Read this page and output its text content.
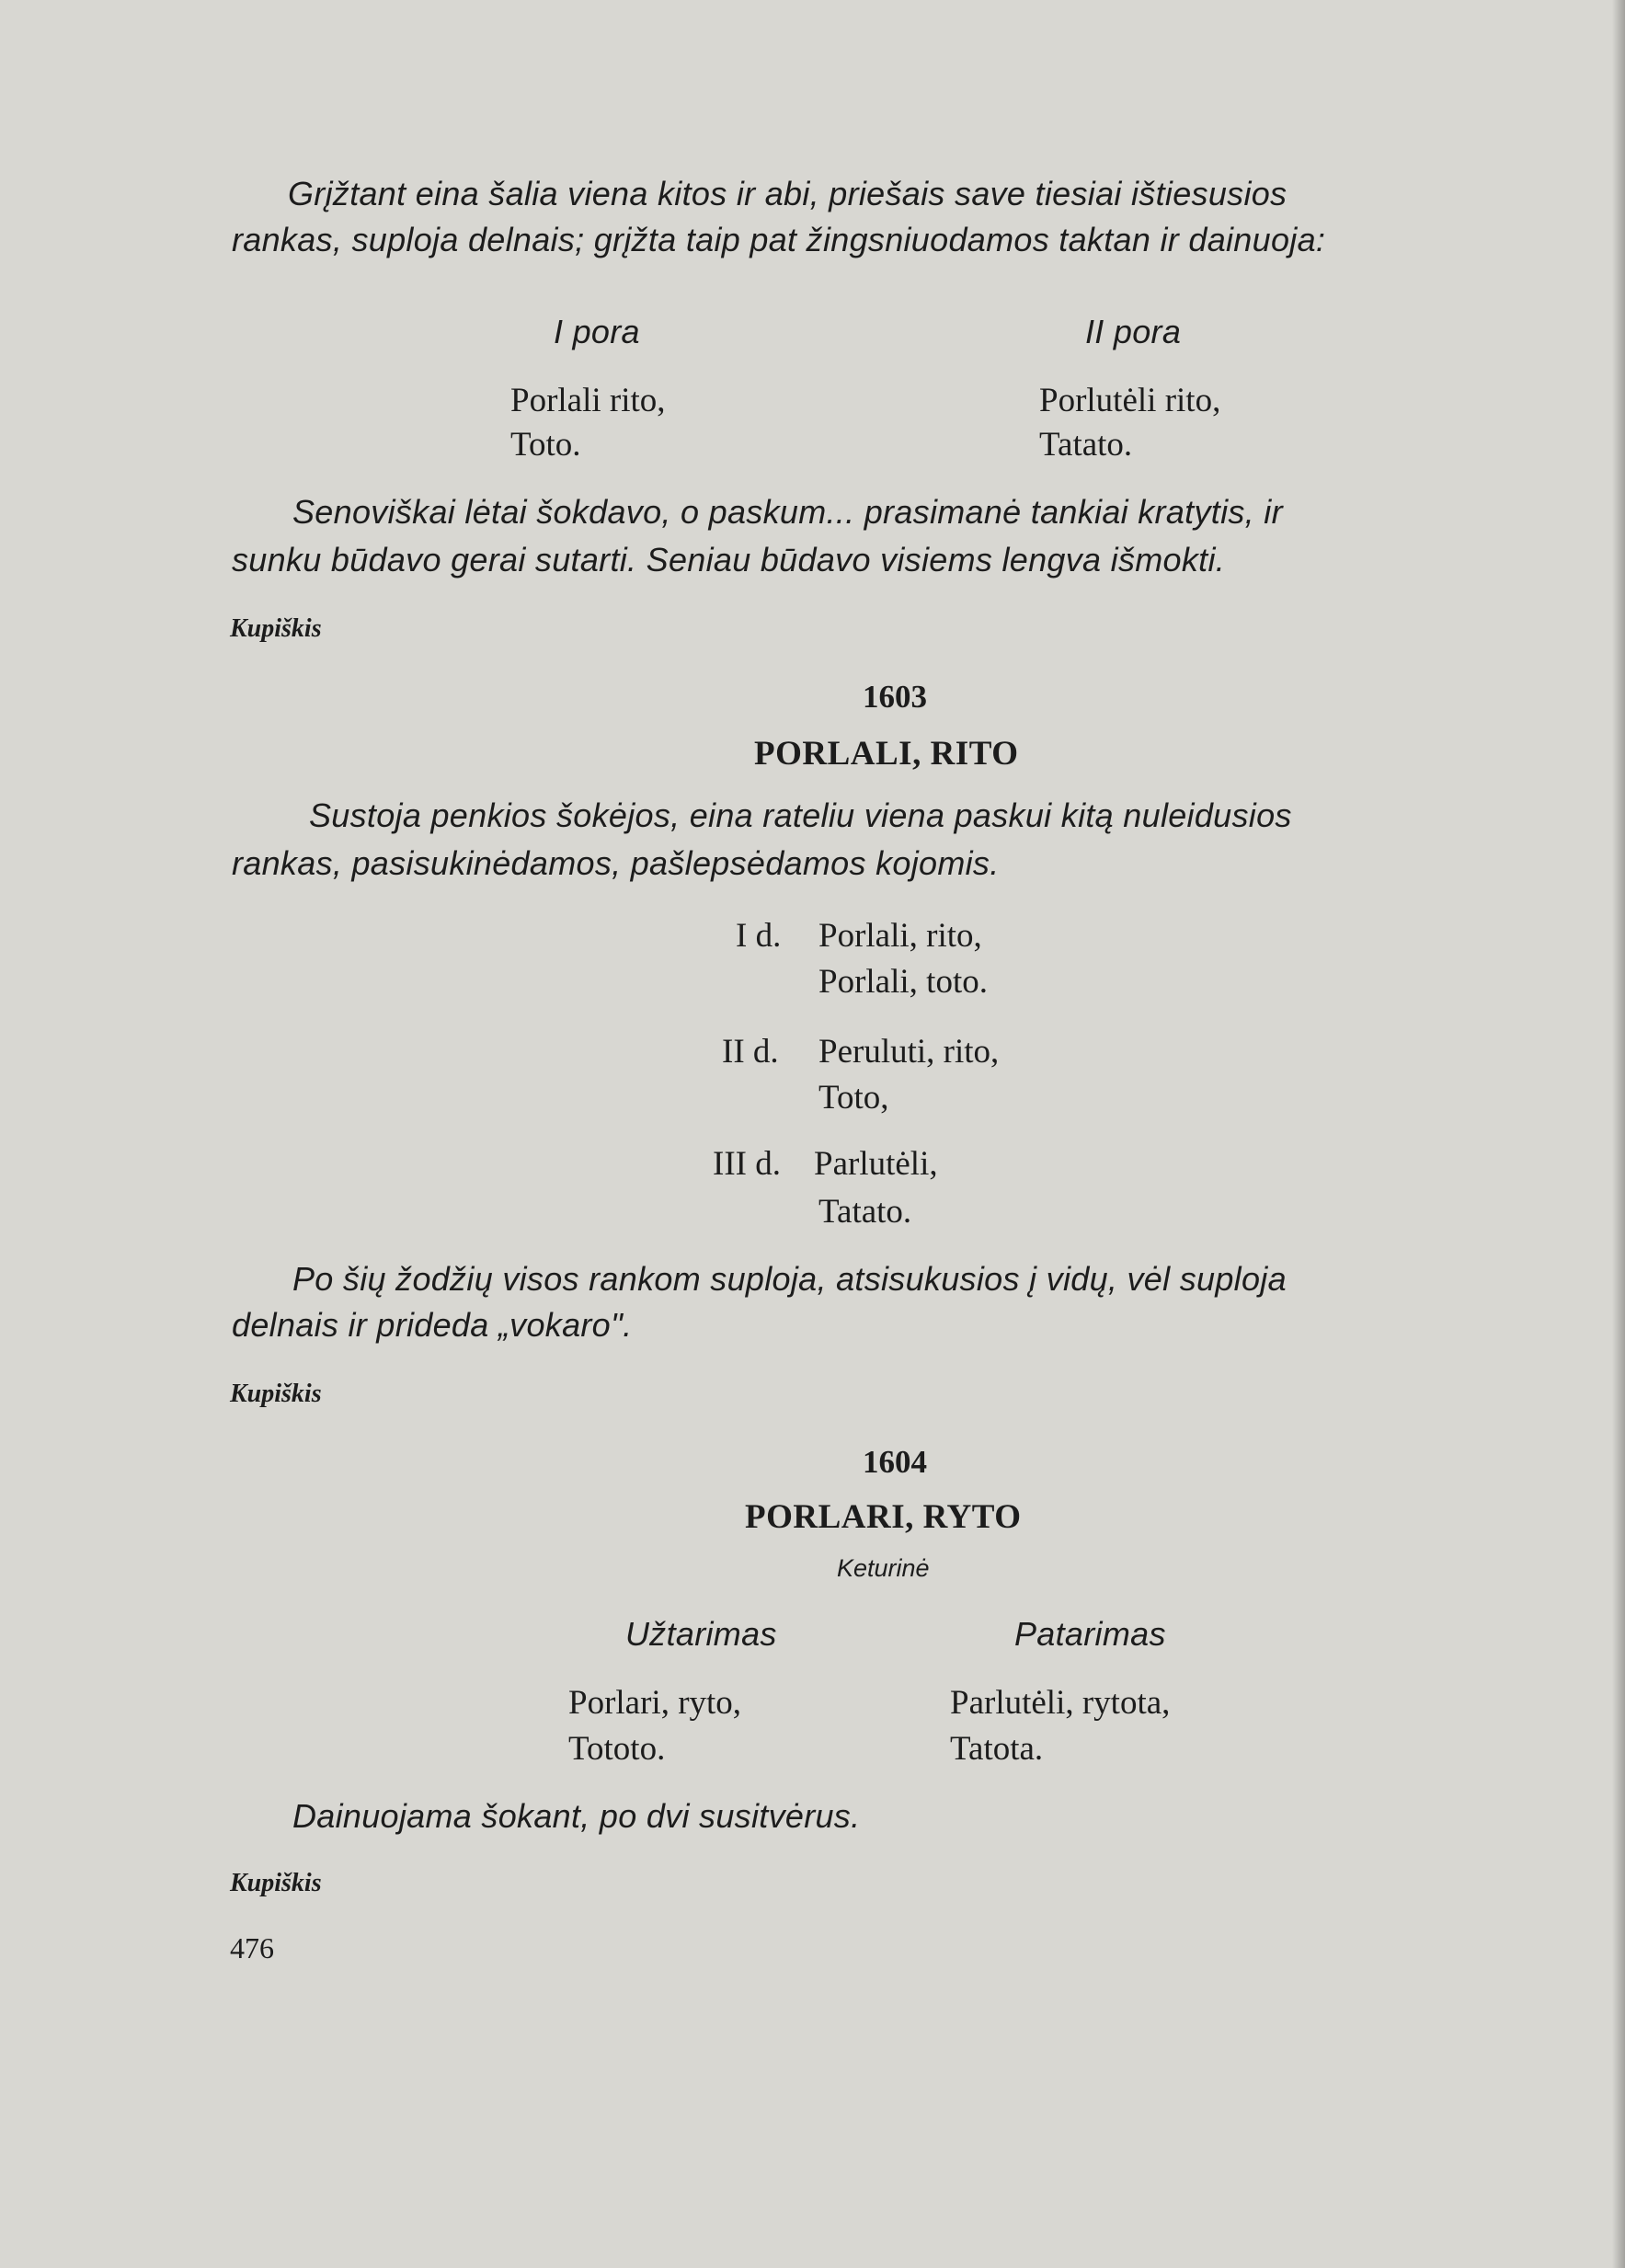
Grįžtant eina šalia viena kitos ir abi, priešais save tiesiai ištiesusios
rankas, suploja delnais; grįžta taip pat žingsniuodamos taktan ir dainuoja:
I pora	II pora
Porlali rito,
Toto.
Porlutėli rito,
Tatato.
Senoviškai lėtai šokdavo, o paskum... prasimanė tankiai kratytis, ir
sunku būdavo gerai sutarti. Seniau būdavo visiems lengva išmokti.
Kupiškis
1603
PORLALI, RITO
Sustoja penkios šokėjos, eina rateliu viena paskui kitą nuleidusios
rankas, pasisukinėdamos, pašlepsėdamos kojomis.
I d. Porlali, rito,
Porlali, toto.
II d. Peruluti, rito,
Toto,
III d. Parlutėli,
Tatato.
Po šių žodžių visos rankom suploja, atsisukusios į vidų, vėl suploja
delnais ir prideda „vokaro".
Kupiškis
1604
PORLARI, RYTO
Keturinė
Užtarimas	Patarimas
Porlari, ryto,
Tototo.
Parlutėli, rytota,
Tatota.
Dainuojama šokant, po dvi susitvėrus.
Kupiškis
476
